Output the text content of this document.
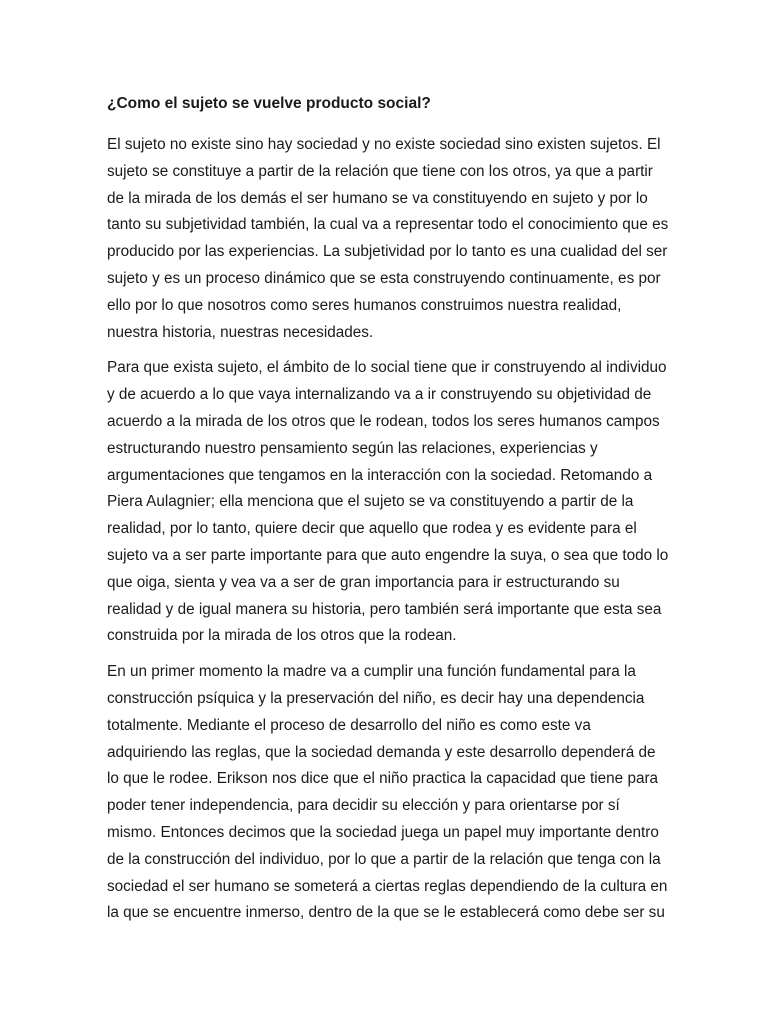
¿Como el sujeto se vuelve producto social?
El sujeto no existe sino hay sociedad y no existe sociedad sino existen sujetos. El
sujeto se constituye a partir de la relación que tiene con los otros, ya que a partir
de la mirada de los demás el ser humano se va constituyendo en sujeto y por lo
tanto su subjetividad también, la cual va a representar todo el conocimiento que es
producido por las experiencias. La subjetividad por lo tanto es una cualidad del ser
sujeto y es un proceso dinámico que se esta construyendo continuamente, es por
ello por lo que nosotros como seres humanos construimos nuestra realidad,
nuestra historia, nuestras necesidades.
Para que exista sujeto, el ámbito de lo social tiene que ir construyendo al individuo
y de acuerdo a lo que vaya internalizando va a ir construyendo su objetividad de
acuerdo a la mirada de los otros que le rodean, todos los seres humanos campos
estructurando nuestro pensamiento según las relaciones, experiencias y
argumentaciones que tengamos en la interacción con la sociedad. Retomando a
Piera Aulagnier; ella menciona que el sujeto se va constituyendo a partir de la
realidad, por lo tanto, quiere decir que aquello que rodea y es evidente para el
sujeto va a ser parte importante para que auto engendre la suya, o sea que todo lo
que oiga, sienta y vea va a ser de gran importancia para ir estructurando su
realidad y de igual manera su historia, pero también será importante que esta sea
construida por la mirada de los otros que la rodean.
En un primer momento la madre va a cumplir una función fundamental para la
construcción psíquica y la preservación del niño, es decir hay una dependencia
totalmente. Mediante el proceso de desarrollo del niño es como este va
adquiriendo las reglas, que la sociedad demanda y este desarrollo dependerá de
lo que le rodee. Erikson nos dice que el niño practica la capacidad que tiene para
poder tener independencia, para decidir su elección y para orientarse por sí
mismo. Entonces decimos que la sociedad juega un papel muy importante dentro
de la construcción del individuo, por lo que a partir de la relación que tenga con la
sociedad el ser humano se someterá a ciertas reglas dependiendo de la cultura en
la que se encuentre inmerso, dentro de la que se le establecerá como debe ser su
